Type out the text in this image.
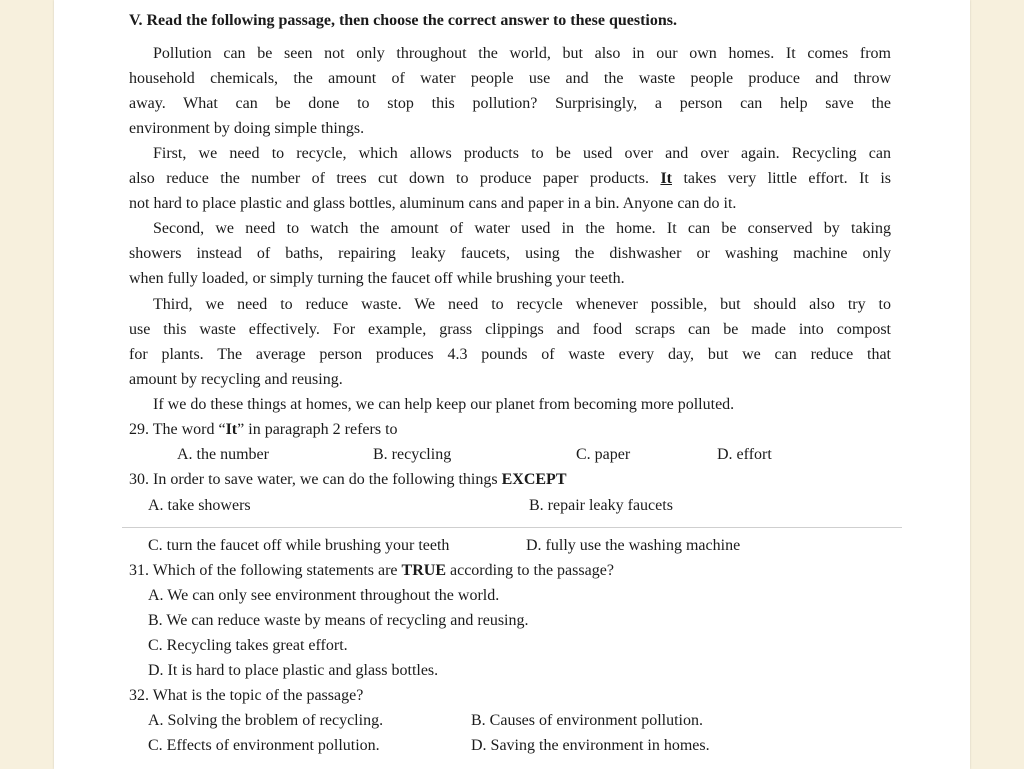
V. Read the following passage, then choose the correct answer to these questions.
Pollution can be seen not only throughout the world, but also in our own homes. It comes from
household chemicals, the amount of water people use and the waste people produce and throw
away. What can be done to stop this pollution? Surprisingly, a person can help save the
environment by doing simple things.
First, we need to recycle, which allows products to be used over and over again. Recycling can
also reduce the number of trees cut down to produce paper products. It takes very little effort. It is
not hard to place plastic and glass bottles, aluminum cans and paper in a bin. Anyone can do it.
Second, we need to watch the amount of water used in the home. It can be conserved by taking
showers instead of baths, repairing leaky faucets, using the dishwasher or washing machine only
when fully loaded, or simply turning the faucet off while brushing your teeth.
Third, we need to reduce waste. We need to recycle whenever possible, but should also try to
use this waste effectively. For example, grass clippings and food scraps can be made into compost
for plants. The average person produces 4.3 pounds of waste every day, but we can reduce that
amount by recycling and reusing.
If we do these things at homes, we can help keep our planet from becoming more polluted.
29. The word “It” in paragraph 2 refers to
A. the number	B. recycling	C. paper	D. effort
30. In order to save water, we can do the following things EXCEPT
A. take showers	B. repair leaky faucets
C. turn the faucet off while brushing your teeth	D. fully use the washing machine
31. Which of the following statements are TRUE according to the passage?
A. We can only see environment throughout the world.
B. We can reduce waste by means of recycling and reusing.
C. Recycling takes great effort.
D. It is hard to place plastic and glass bottles.
32. What is the topic of the passage?
A. Solving the broblem of recycling.	B. Causes of environment pollution.
C. Effects of environment pollution.	D. Saving the environment in homes.
